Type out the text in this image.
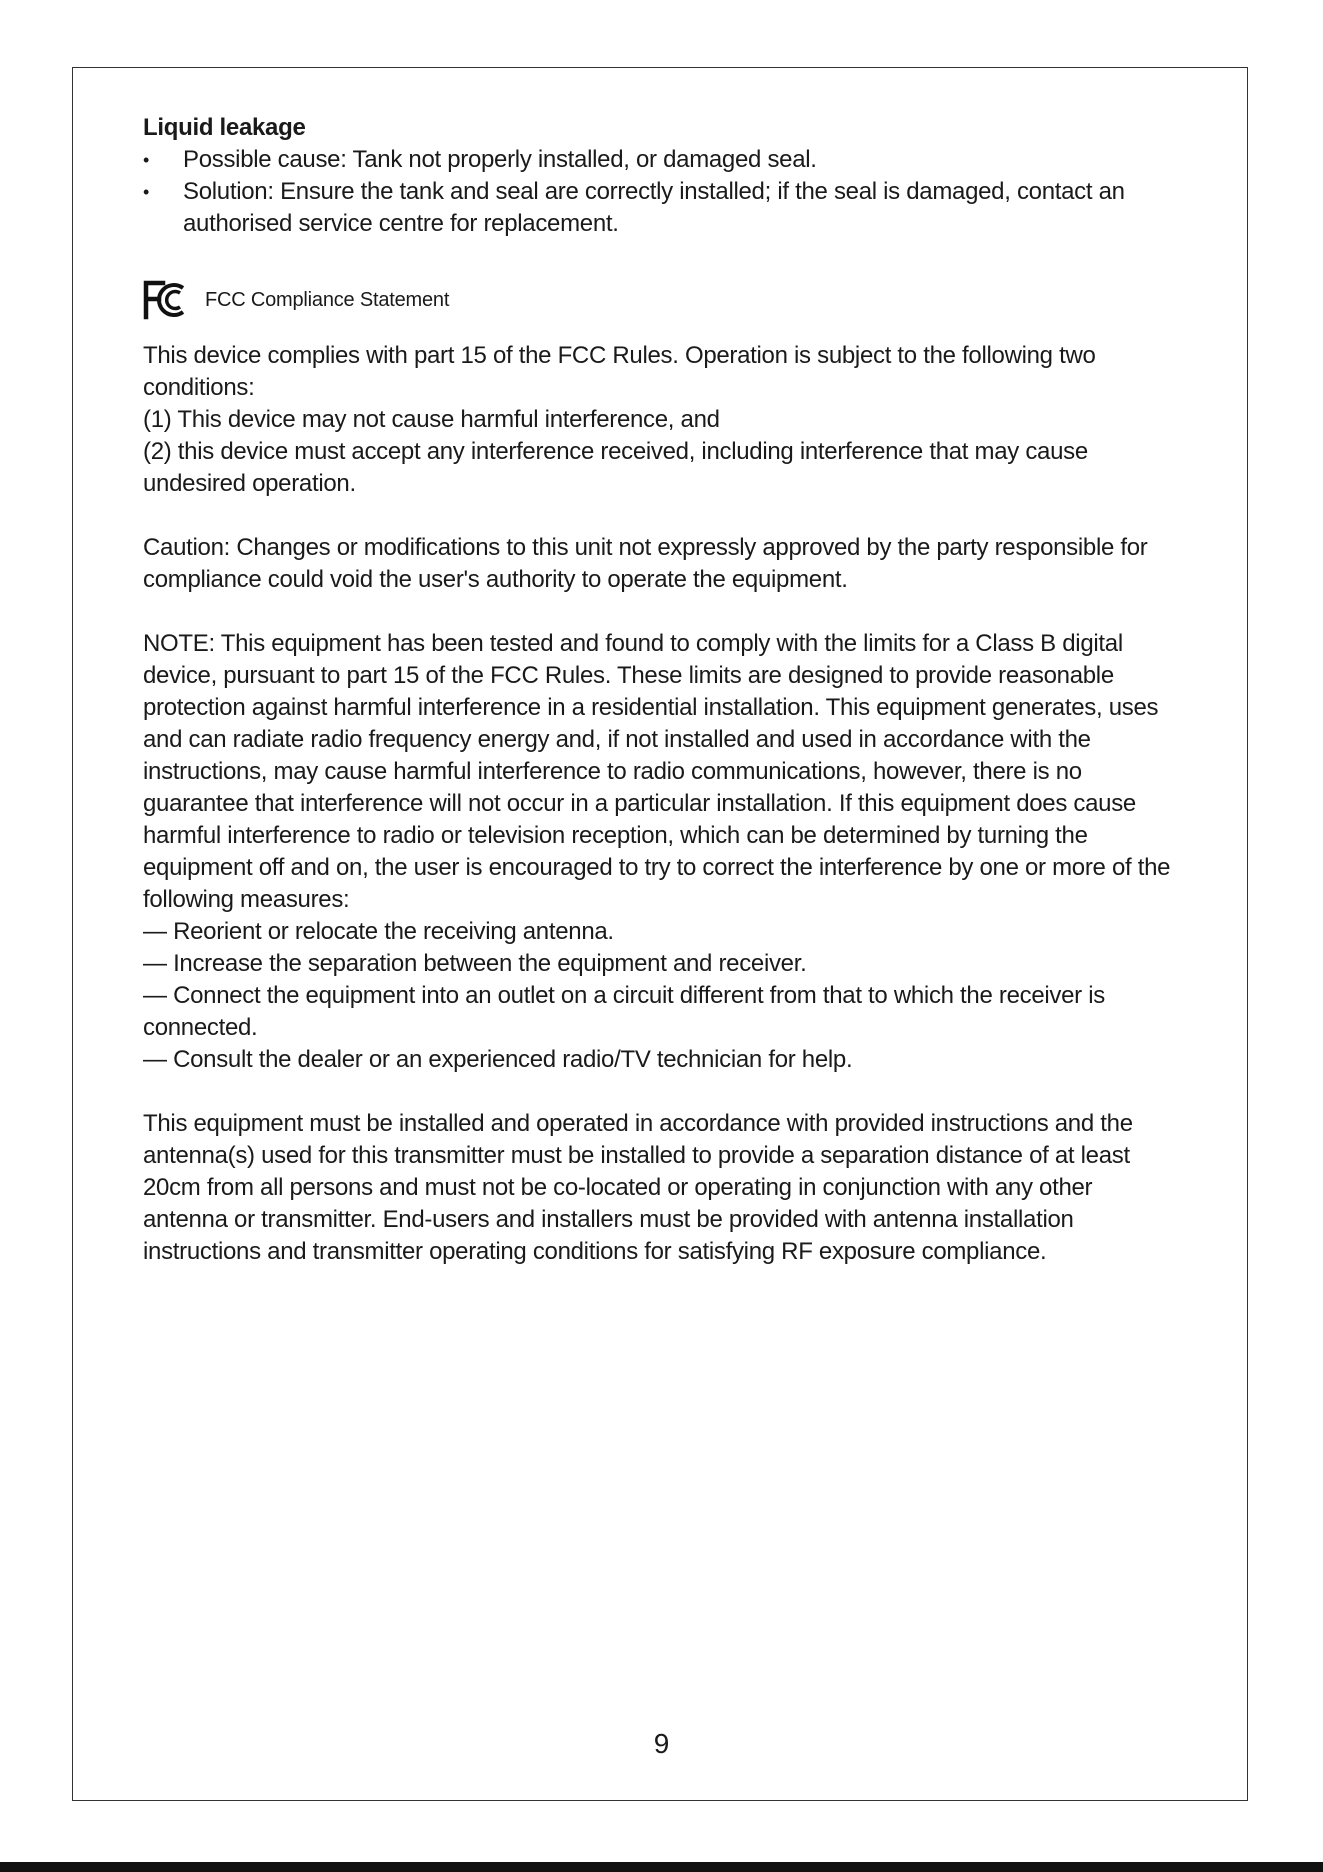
Liquid leakage

•	Possible cause: Tank not properly installed, or damaged seal.
•	Solution: Ensure the tank and seal are correctly installed; if the seal is damaged, contact an authorised service centre for replacement.
FCC Compliance Statement

This device complies with part 15 of the FCC Rules. Operation is subject to the following two conditions:

(1) This device may not cause harmful interference, and

(2) this device must accept any interference received, including interference that may cause undesired operation.

Caution: Changes or modifications to this unit not expressly approved by the party responsible for compliance could void the user's authority to operate the equipment.

NOTE: This equipment has been tested and found to comply with the limits for a Class B digital device, pursuant to part 15 of the FCC Rules. These limits are designed to provide reasonable protection against harmful interference in a residential installation. This equipment generates, uses and can radiate radio frequency energy and, if not installed and used in accordance with the instructions, may cause harmful interference to radio communications, however, there is no guarantee that interference will not occur in a particular installation. If this equipment does cause harmful interference to radio or television reception, which can be determined by turning the equipment off and on, the user is encouraged to try to correct the interference by one or more of the following measures:

— Reorient or relocate the receiving antenna.

— Increase the separation between the equipment and receiver.

— Connect the equipment into an outlet on a circuit different from that to which the receiver is connected.

— Consult the dealer or an experienced radio/TV technician for help.

This equipment must be installed and operated in accordance with provided instructions and the antenna(s) used for this transmitter must be installed to provide a separation distance of at least 20cm from all persons and must not be co-located or operating in conjunction with any other antenna or transmitter. End-users and installers must be provided with antenna installation instructions and transmitter operating conditions for satisfying RF exposure compliance.

9
